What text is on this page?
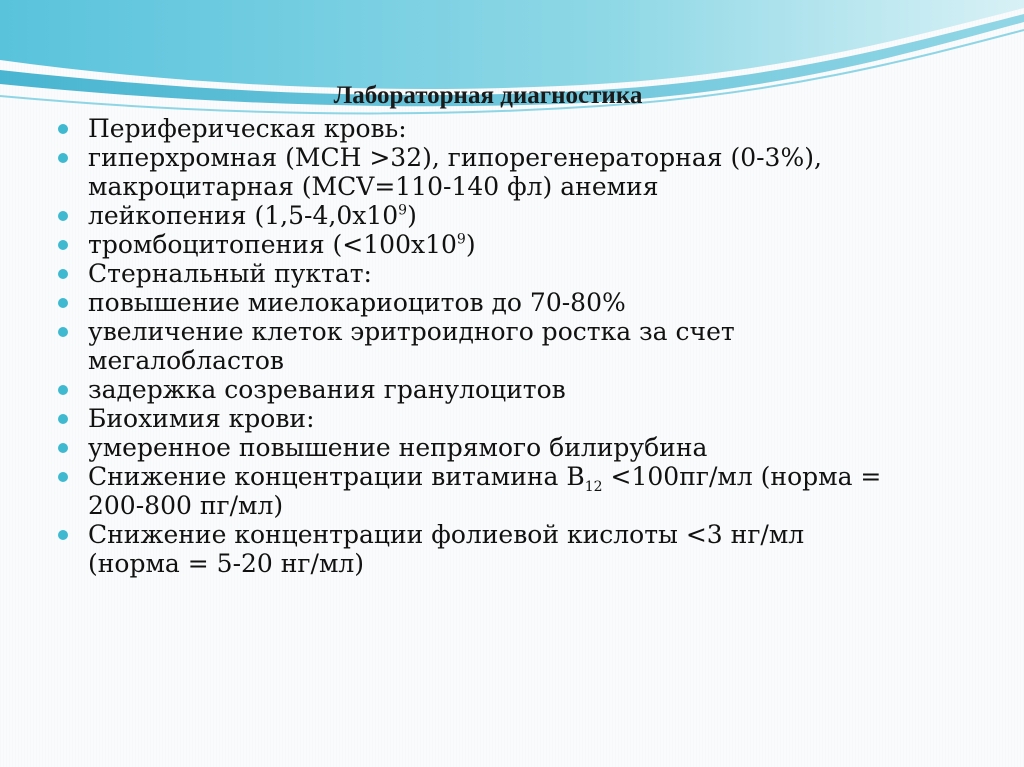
Лабораторная диагностика
Периферическая кровь:
гиперхромная (МСН >32), гипорегенераторная (0-3%),
макроцитарная (MCV=110-140 фл) анемия
лейкопения $(1,5-4,0х10^9)$
тромбоцитопения $(<100х10^9)$
Стернальный пуктат:
повышение миелокариоцитов до 70-80%
увеличение клеток эритроидного ростка за счет
мегалобластов
задержка созревания гранулоцитов
Биохимия крови:
умеренное повышение непрямого билирубина
Снижение концентрации витамина $В_{12} <100пг/мл$ (норма =
200-800 пг/мл)
Снижение концентрации фолиевой кислоты <3 нг/мл
(норма = 5-20 нг/мл)
